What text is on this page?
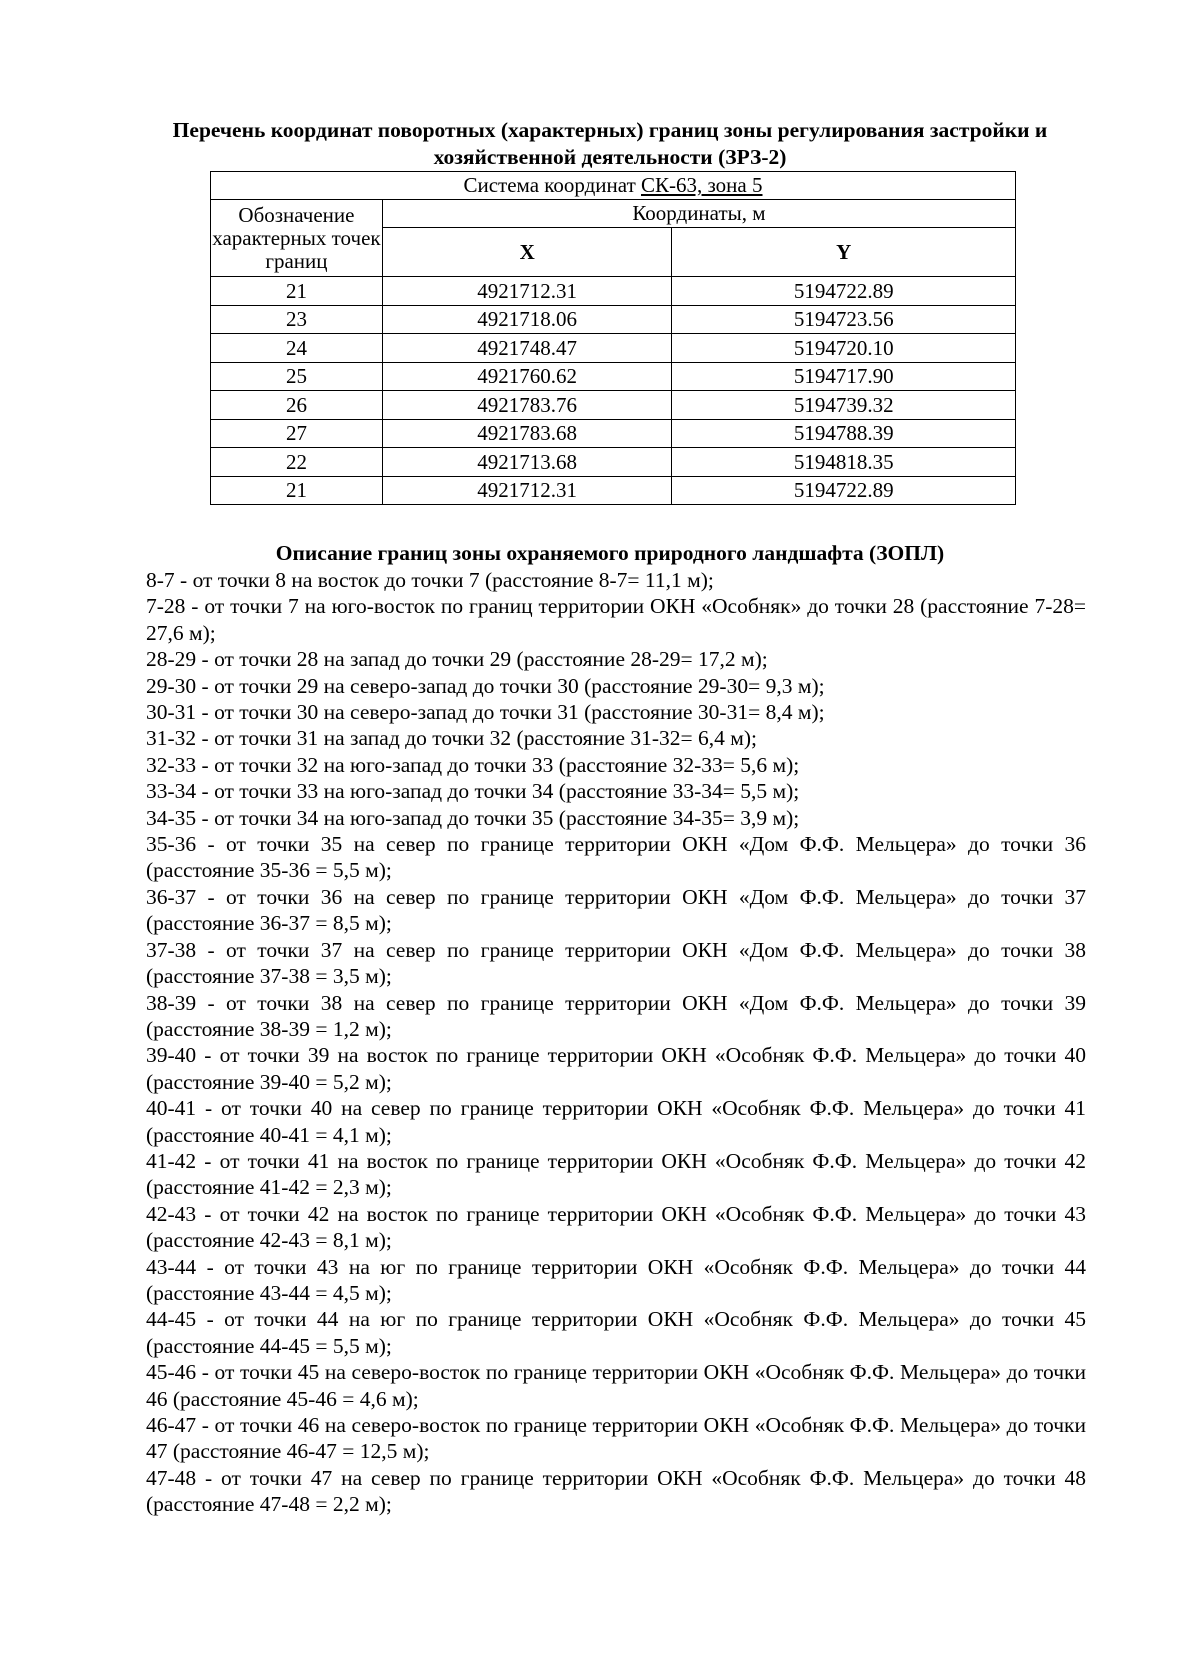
Перечень координат поворотных (характерных) границ зоны регулирования застройки и хозяйственной деятельности (ЗРЗ-2)
Система координат СК-63, зона 5		
Обозначение характерных точек границ	Координаты, м	
	X	Y
21	4921712.31	5194722.89
23	4921718.06	5194723.56
24	4921748.47	5194720.10
25	4921760.62	5194717.90
26	4921783.76	5194739.32
27	4921783.68	5194788.39
22	4921713.68	5194818.35
21	4921712.31	5194722.89
Описание границ зоны охраняемого природного ландшафта (ЗОПЛ)

8-7 - от точки 8 на восток до точки 7 (расстояние 8-7= 11,1 м);

7-28 - от точки 7 на юго-восток по границ территории ОКН «Особняк» до точки 28 (расстояние 7-28= 27,6 м);

28-29 - от точки 28 на запад до точки 29 (расстояние 28-29= 17,2 м);

29-30 - от точки 29 на северо-запад до точки 30 (расстояние 29-30= 9,3 м);

30-31 - от точки 30 на северо-запад до точки 31 (расстояние 30-31= 8,4 м);

31-32 - от точки 31 на запад до точки 32 (расстояние 31-32= 6,4 м);

32-33 - от точки 32 на юго-запад до точки 33 (расстояние 32-33= 5,6 м);

33-34 - от точки 33 на юго-запад до точки 34 (расстояние 33-34= 5,5 м);

34-35 - от точки 34 на юго-запад до точки 35 (расстояние 34-35= 3,9 м);

35-36 - от точки 35 на север по границе территории ОКН «Дом Ф.Ф. Мельцера» до точки 36 (расстояние 35-36 = 5,5 м);

36-37 - от точки 36 на север по границе территории ОКН «Дом Ф.Ф. Мельцера» до точки 37 (расстояние 36-37 = 8,5 м);

37-38 - от точки 37 на север по границе территории ОКН «Дом Ф.Ф. Мельцера» до точки 38 (расстояние 37-38 = 3,5 м);

38-39 - от точки 38 на север по границе территории ОКН «Дом Ф.Ф. Мельцера» до точки 39 (расстояние 38-39 = 1,2 м);

39-40 - от точки 39 на восток по границе территории ОКН «Особняк Ф.Ф. Мельцера» до точки 40 (расстояние 39-40 = 5,2 м);

40-41 - от точки 40 на север по границе территории ОКН «Особняк Ф.Ф. Мельцера» до точки 41 (расстояние 40-41 = 4,1 м);

41-42 - от точки 41 на восток по границе территории ОКН «Особняк Ф.Ф. Мельцера» до точки 42 (расстояние 41-42 = 2,3 м);

42-43 - от точки 42 на восток по границе территории ОКН «Особняк Ф.Ф. Мельцера» до точки 43 (расстояние 42-43 = 8,1 м);

43-44 - от точки 43 на юг по границе территории ОКН «Особняк Ф.Ф. Мельцера» до точки 44 (расстояние 43-44 = 4,5 м);

44-45 - от точки 44 на юг по границе территории ОКН «Особняк Ф.Ф. Мельцера» до точки 45 (расстояние 44-45 = 5,5 м);

45-46 - от точки 45 на северо-восток по границе территории ОКН «Особняк Ф.Ф. Мельцера» до точки 46 (расстояние 45-46 = 4,6 м);

46-47 - от точки 46 на северо-восток по границе территории ОКН «Особняк Ф.Ф. Мельцера» до точки 47 (расстояние 46-47 = 12,5 м);

47-48 - от точки 47 на север по границе территории ОКН «Особняк Ф.Ф. Мельцера» до точки 48 (расстояние 47-48 = 2,2 м);
